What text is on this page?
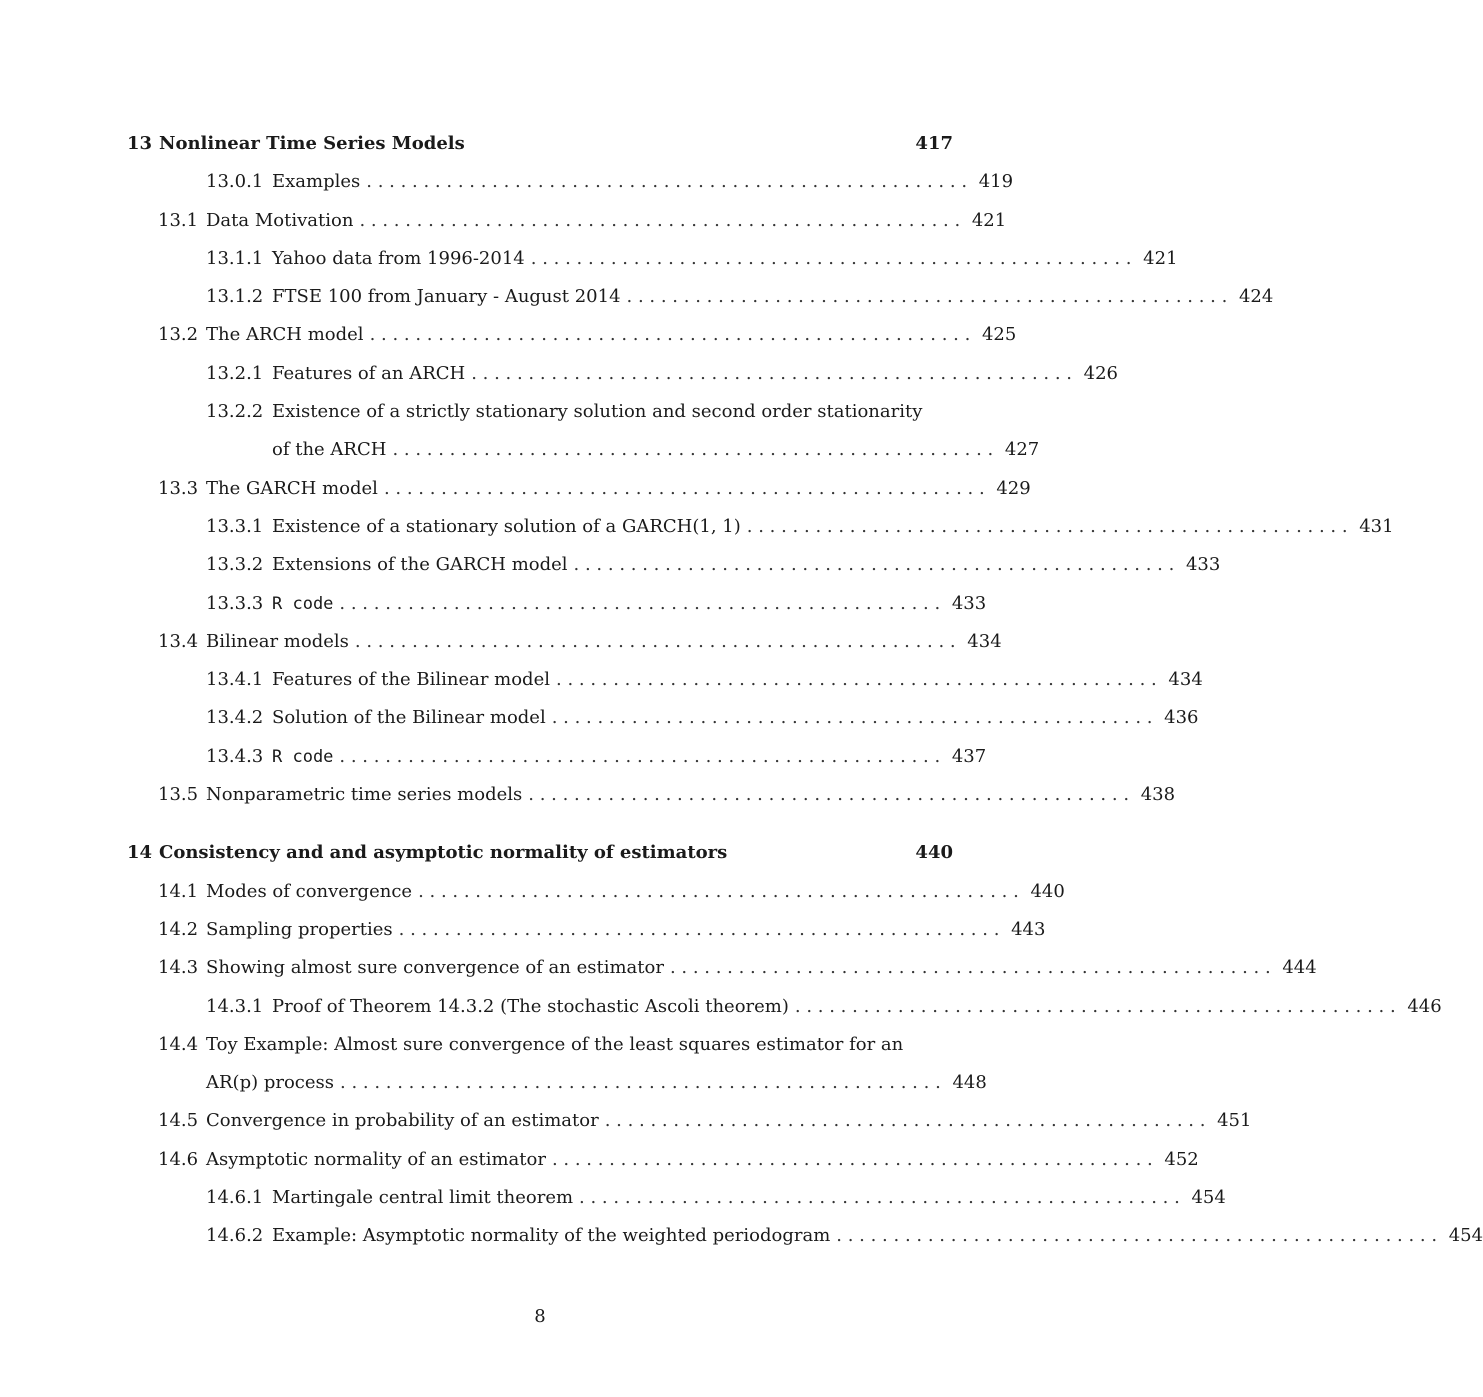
13 Nonlinear Time Series Models	417
13.0.1 Examples . . . . . . . . . . . . . . . . . . . . . . . . . . . . . . . . . . . . . . . . . . . . . . . . . . . . . 419
13.1 Data Motivation . . . . . . . . . . . . . . . . . . . . . . . . . . . . . . . . . . . . . . . . . . . . . . . . . . . . . 421
13.1.1 Yahoo data from 1996-2014 . . . . . . . . . . . . . . . . . . . . . . . . . . . . . . . . . . . . . . . . . . . . . . . . . . . . . 421
13.1.2 FTSE 100 from January - August 2014 . . . . . . . . . . . . . . . . . . . . . . . . . . . . . . . . . . . . . . . . . . . . . . . . . . . . . 424
13.2 The ARCH model . . . . . . . . . . . . . . . . . . . . . . . . . . . . . . . . . . . . . . . . . . . . . . . . . . . . . 425
13.2.1 Features of an ARCH . . . . . . . . . . . . . . . . . . . . . . . . . . . . . . . . . . . . . . . . . . . . . . . . . . . . . 426
13.2.2 Existence of a strictly stationary solution and second order stationarity
of the ARCH . . . . . . . . . . . . . . . . . . . . . . . . . . . . . . . . . . . . . . . . . . . . . . . . . . . . . 427
13.3 The GARCH model . . . . . . . . . . . . . . . . . . . . . . . . . . . . . . . . . . . . . . . . . . . . . . . . . . . . . 429
13.3.1 Existence of a stationary solution of a GARCH(1, 1) . . . . . . . . . . . . . . . . . . . . . . . . . . . . . . . . . . . . . . . . . . . . . . . . . . . . . 431
13.3.2 Extensions of the GARCH model . . . . . . . . . . . . . . . . . . . . . . . . . . . . . . . . . . . . . . . . . . . . . . . . . . . . . 433
13.3.3 R code . . . . . . . . . . . . . . . . . . . . . . . . . . . . . . . . . . . . . . . . . . . . . . . . . . . . . 433
13.4 Bilinear models . . . . . . . . . . . . . . . . . . . . . . . . . . . . . . . . . . . . . . . . . . . . . . . . . . . . . 434
13.4.1 Features of the Bilinear model . . . . . . . . . . . . . . . . . . . . . . . . . . . . . . . . . . . . . . . . . . . . . . . . . . . . . 434
13.4.2 Solution of the Bilinear model . . . . . . . . . . . . . . . . . . . . . . . . . . . . . . . . . . . . . . . . . . . . . . . . . . . . . 436
13.4.3 R code . . . . . . . . . . . . . . . . . . . . . . . . . . . . . . . . . . . . . . . . . . . . . . . . . . . . . 437
13.5 Nonparametric time series models . . . . . . . . . . . . . . . . . . . . . . . . . . . . . . . . . . . . . . . . . . . . . . . . . . . . . 438
14 Consistency and and asymptotic normality of estimators	440
14.1 Modes of convergence . . . . . . . . . . . . . . . . . . . . . . . . . . . . . . . . . . . . . . . . . . . . . . . . . . . . . 440
14.2 Sampling properties . . . . . . . . . . . . . . . . . . . . . . . . . . . . . . . . . . . . . . . . . . . . . . . . . . . . . 443
14.3 Showing almost sure convergence of an estimator . . . . . . . . . . . . . . . . . . . . . . . . . . . . . . . . . . . . . . . . . . . . . . . . . . . . . 444
14.3.1 Proof of Theorem 14.3.2 (The stochastic Ascoli theorem) . . . . . . . . . . . . . . . . . . . . . . . . . . . . . . . . . . . . . . . . . . . . . . . . . . . . . 446
14.4 Toy Example: Almost sure convergence of the least squares estimator for an
AR(p) process . . . . . . . . . . . . . . . . . . . . . . . . . . . . . . . . . . . . . . . . . . . . . . . . . . . . . 448
14.5 Convergence in probability of an estimator . . . . . . . . . . . . . . . . . . . . . . . . . . . . . . . . . . . . . . . . . . . . . . . . . . . . . 451
14.6 Asymptotic normality of an estimator . . . . . . . . . . . . . . . . . . . . . . . . . . . . . . . . . . . . . . . . . . . . . . . . . . . . . 452
14.6.1 Martingale central limit theorem . . . . . . . . . . . . . . . . . . . . . . . . . . . . . . . . . . . . . . . . . . . . . . . . . . . . . 454
14.6.2 Example: Asymptotic normality of the weighted periodogram . . . . . . . . . . . . . . . . . . . . . . . . . . . . . . . . . . . . . . . . . . . . . . . . . . . . . 454
8
